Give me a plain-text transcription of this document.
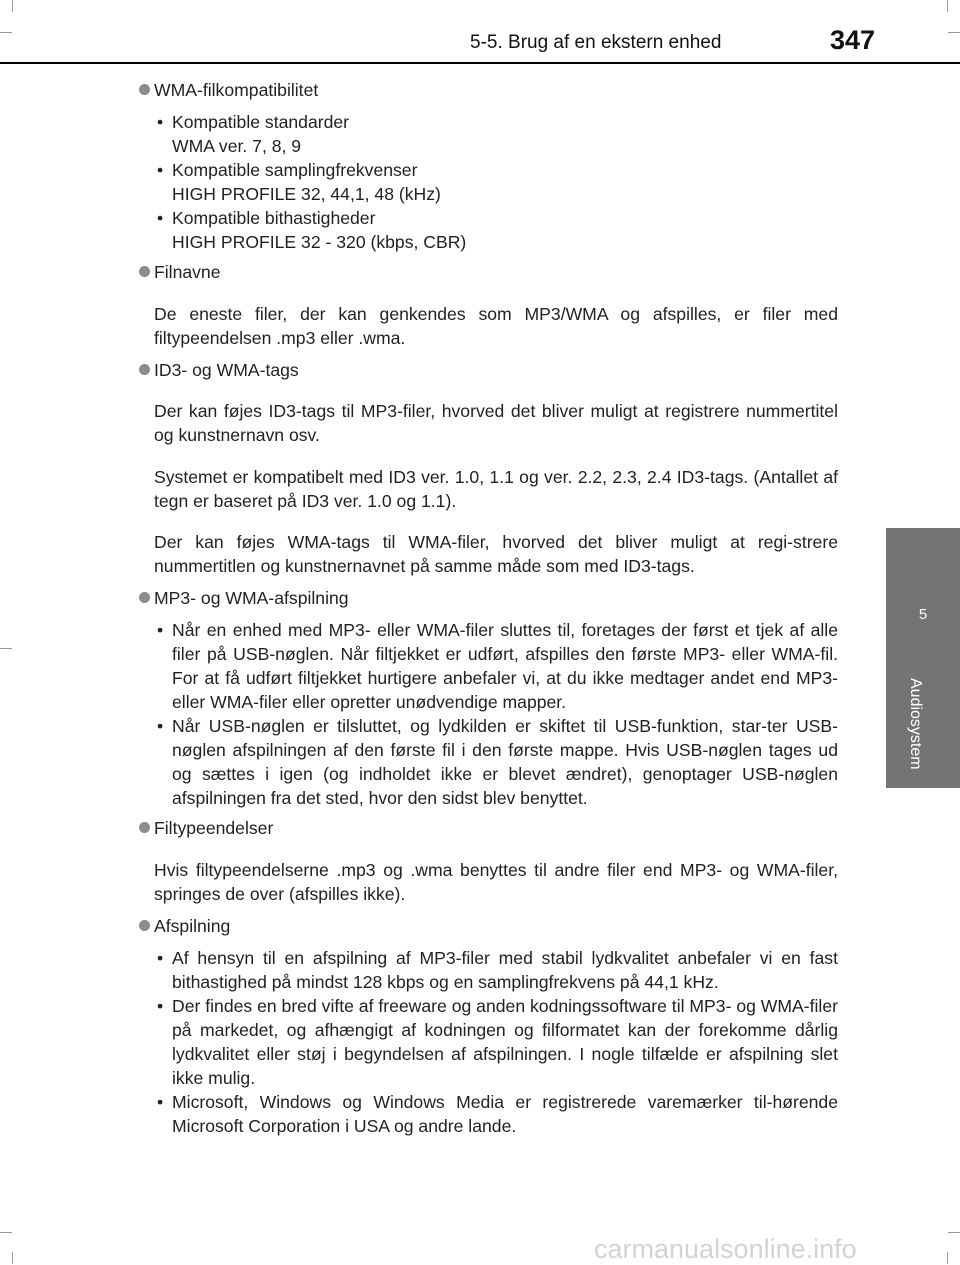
5-5. Brug af en ekstern enhed	347
5
Audiosystem
WMA-filkompatibilitet
• Kompatible standarder
WMA ver. 7, 8, 9
• Kompatible samplingfrekvenser
HIGH PROFILE 32, 44,1, 48 (kHz)
• Kompatible bithastigheder
HIGH PROFILE 32 - 320 (kbps, CBR)
Filnavne

De eneste filer, der kan genkendes som MP3/WMA og afspilles, er filer med filtypeendelsen .mp3 eller .wma.

ID3- og WMA-tags

Der kan føjes ID3-tags til MP3-filer, hvorved det bliver muligt at registrere nummertitel og kunstnernavn osv.

Systemet er kompatibelt med ID3 ver. 1.0, 1.1 og ver. 2.2, 2.3, 2.4 ID3-tags. (Antallet af tegn er baseret på ID3 ver. 1.0 og 1.1).

Der kan føjes WMA-tags til WMA-filer, hvorved det bliver muligt at regi-strere nummertitlen og kunstnernavnet på samme måde som med ID3-tags.

MP3- og WMA-afspilning
• Når en enhed med MP3- eller WMA-filer sluttes til, foretages der først et tjek af alle filer på USB-nøglen. Når filtjekket er udført, afspilles den første MP3- eller WMA-fil. For at få udført filtjekket hurtigere anbefaler vi, at du ikke medtager andet end MP3- eller WMA-filer eller opretter unødvendige mapper.
• Når USB-nøglen er tilsluttet, og lydkilden er skiftet til USB-funktion, star-ter USB-nøglen afspilningen af den første fil i den første mappe. Hvis USB-nøglen tages ud og sættes i igen (og indholdet ikke er blevet ændret), genoptager USB-nøglen afspilningen fra det sted, hvor den sidst blev benyttet.
Filtypeendelser

Hvis filtypeendelserne .mp3 og .wma benyttes til andre filer end MP3- og WMA-filer, springes de over (afspilles ikke).

Afspilning
• Af hensyn til en afspilning af MP3-filer med stabil lydkvalitet anbefaler vi en fast bithastighed på mindst 128 kbps og en samplingfrekvens på 44,1 kHz.
• Der findes en bred vifte af freeware og anden kodningssoftware til MP3- og WMA-filer på markedet, og afhængigt af kodningen og filformatet kan der forekomme dårlig lydkvalitet eller støj i begyndelsen af afspilningen. I nogle tilfælde er afspilning slet ikke mulig.
• Microsoft, Windows og Windows Media er registrerede varemærker til-hørende Microsoft Corporation i USA og andre lande.
carmanualsonline.info
